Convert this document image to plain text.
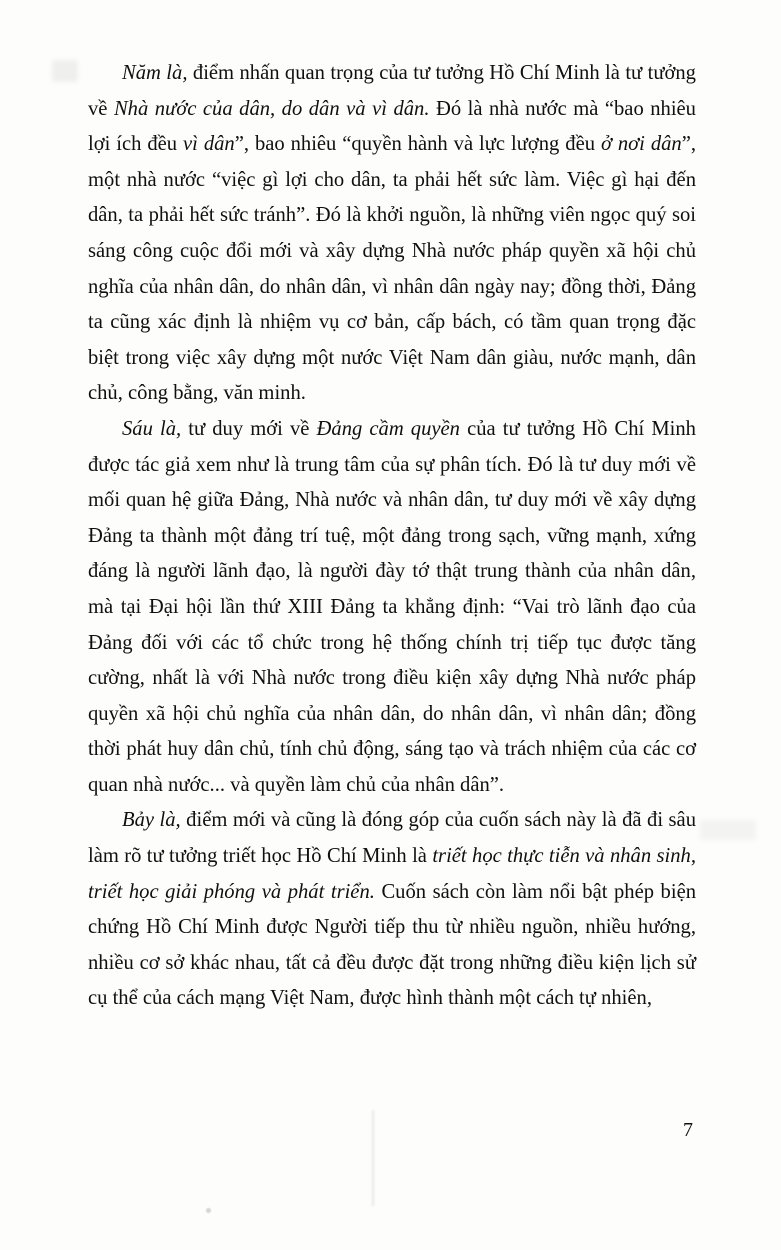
Năm là, điểm nhấn quan trọng của tư tưởng Hồ Chí Minh là tư tưởng về Nhà nước của dân, do dân và vì dân. Đó là nhà nước mà “bao nhiêu lợi ích đều vì dân”, bao nhiêu “quyền hành và lực lượng đều ở nơi dân”, một nhà nước “việc gì lợi cho dân, ta phải hết sức làm. Việc gì hại đến dân, ta phải hết sức tránh”. Đó là khởi nguồn, là những viên ngọc quý soi sáng công cuộc đổi mới và xây dựng Nhà nước pháp quyền xã hội chủ nghĩa của nhân dân, do nhân dân, vì nhân dân ngày nay; đồng thời, Đảng ta cũng xác định là nhiệm vụ cơ bản, cấp bách, có tầm quan trọng đặc biệt trong việc xây dựng một nước Việt Nam dân giàu, nước mạnh, dân chủ, công bằng, văn minh.

Sáu là, tư duy mới về Đảng cầm quyền của tư tưởng Hồ Chí Minh được tác giả xem như là trung tâm của sự phân tích. Đó là tư duy mới về mối quan hệ giữa Đảng, Nhà nước và nhân dân, tư duy mới về xây dựng Đảng ta thành một đảng trí tuệ, một đảng trong sạch, vững mạnh, xứng đáng là người lãnh đạo, là người đày tớ thật trung thành của nhân dân, mà tại Đại hội lần thứ XIII Đảng ta khẳng định: “Vai trò lãnh đạo của Đảng đối với các tổ chức trong hệ thống chính trị tiếp tục được tăng cường, nhất là với Nhà nước trong điều kiện xây dựng Nhà nước pháp quyền xã hội chủ nghĩa của nhân dân, do nhân dân, vì nhân dân; đồng thời phát huy dân chủ, tính chủ động, sáng tạo và trách nhiệm của các cơ quan nhà nước... và quyền làm chủ của nhân dân”.

Bảy là, điểm mới và cũng là đóng góp của cuốn sách này là đã đi sâu làm rõ tư tưởng triết học Hồ Chí Minh là triết học thực tiễn và nhân sinh, triết học giải phóng và phát triển. Cuốn sách còn làm nổi bật phép biện chứng Hồ Chí Minh được Người tiếp thu từ nhiều nguồn, nhiều hướng, nhiều cơ sở khác nhau, tất cả đều được đặt trong những điều kiện lịch sử cụ thể của cách mạng Việt Nam, được hình thành một cách tự nhiên,

7
